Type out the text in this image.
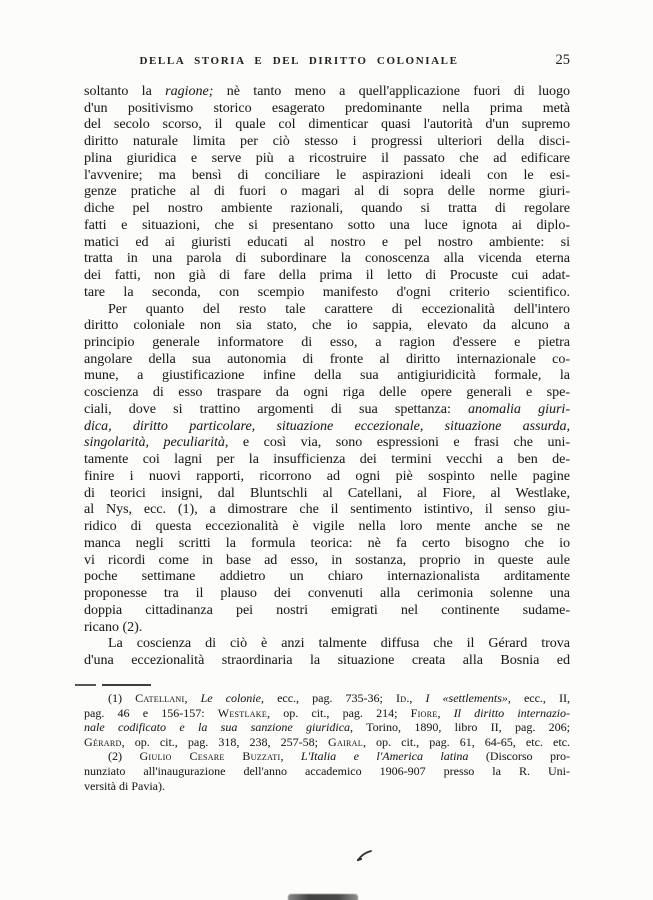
DELLA STORIA E DEL DIRITTO COLONIALE	25
soltanto la ragione; nè tanto meno a quell'applicazione fuori di luogo
d'un positivismo storico esagerato predominante nella prima metà
del secolo scorso, il quale col dimenticar quasi l'autorità d'un supremo
diritto naturale limita per ciò stesso i progressi ulteriori della disci-
plina giuridica e serve più a ricostruire il passato che ad edificare
l'avvenire; ma bensì di conciliare le aspirazioni ideali con le esi-
genze pratiche al di fuori o magari al di sopra delle norme giuri-
diche pel nostro ambiente razionali, quando si tratta di regolare
fatti e situazioni, che si presentano sotto una luce ignota ai diplo-
matici ed ai giuristi educati al nostro e pel nostro ambiente: si
tratta in una parola di subordinare la conoscenza alla vicenda eterna
dei fatti, non già di fare della prima il letto di Procuste cui adat-
tare la seconda, con scempio manifesto d'ogni criterio scientifico.
Per quanto del resto tale carattere di eccezionalità dell'intero
diritto coloniale non sia stato, che io sappia, elevato da alcuno a
principio generale informatore di esso, a ragion d'essere e pietra
angolare della sua autonomia di fronte al diritto internazionale co-
mune, a giustificazione infine della sua antigiuridicità formale, la
coscienza di esso traspare da ogni riga delle opere generali e spe-
ciali, dove si trattino argomenti di sua spettanza: anomalia giuri-
dica, diritto particolare, situazione eccezionale, situazione assurda,
singolarità, peculiarità, e così via, sono espressioni e frasi che uni-
tamente coi lagni per la insufficienza dei termini vecchi a ben de-
finire i nuovi rapporti, ricorrono ad ogni piè sospinto nelle pagine
di teorici insigni, dal Bluntschli al Catellani, al Fiore, al Westlake,
al Nys, ecc. (1), a dimostrare che il sentimento istintivo, il senso giu-
ridico di questa eccezionalità è vigile nella loro mente anche se ne
manca negli scritti la formula teorica: nè fa certo bisogno che io
vi ricordi come in base ad esso, in sostanza, proprio in queste aule
poche settimane addietro un chiaro internazionalista arditamente
proponesse tra il plauso dei convenuti alla cerimonia solenne una
doppia cittadinanza pei nostri emigrati nel continente sudame-
ricano (2).
La coscienza di ciò è anzi talmente diffusa che il Gérard trova
d'una eccezionalità straordinaria la situazione creata alla Bosnia ed
(1) Catellani, Le colonie, ecc., pag. 735-36; Id., I «settlements», ecc., II,
pag. 46 e 156-157: Westlake, op. cit., pag. 214; Fiore, Il diritto internazio-
nale codificato e la sua sanzione giuridica, Torino, 1890, libro II, pag. 206;
Gérard, op. cit., pag. 318, 238, 257-58; Gairal, op. cit., pag. 61, 64-65, etc. etc.
(2) Giulio Cesare Buzzati, L'Italia e l'America latina (Discorso pro-
nunziato all'inaugurazione dell'anno accademico 1906-907 presso la R. Uni-
versità di Pavia).
